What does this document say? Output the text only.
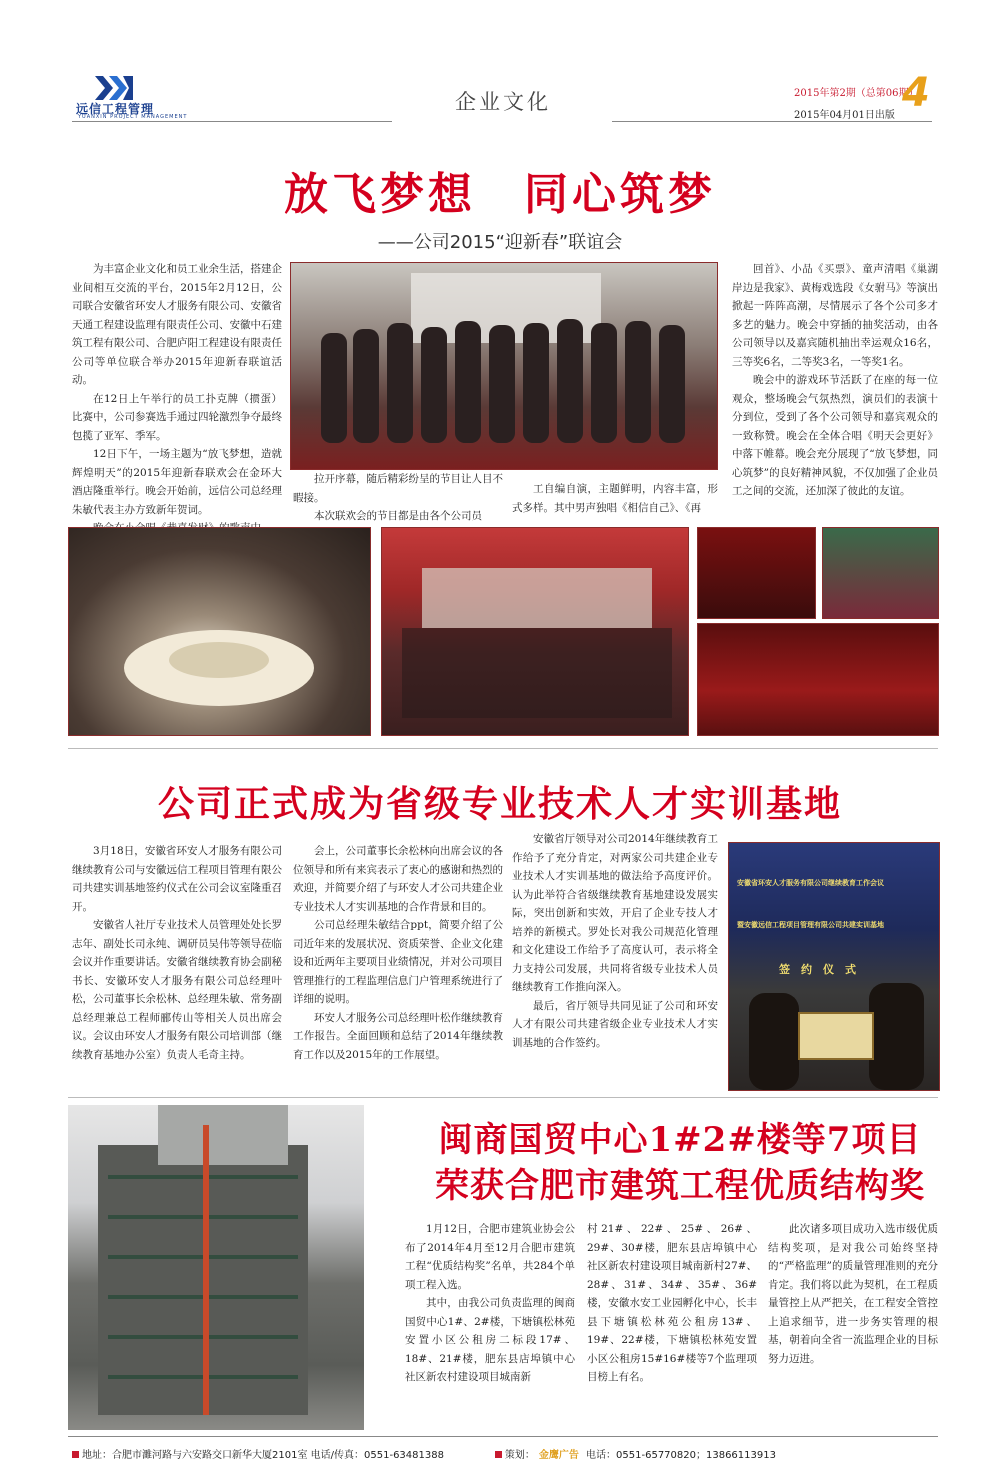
远信工程管理
YUANXIN PROJECT MANAGEMENT
企业文化	2015年第2期（总第06期）
2015年04月01日出版 4
放飞梦想　同心筑梦
——公司2015“迎新春”联谊会

为丰富企业文化和员工业余生活，搭建企业间相互交流的平台，2015年2月12日，公司联合安徽省环安人才服务有限公司、安徽省天通工程建设监理有限责任公司、安徽中石建筑工程有限公司、合肥庐阳工程建设有限责任公司等单位联合举办2015年迎新春联谊活动。

在12日上午举行的员工扑克牌（掼蛋）比赛中，公司参赛选手通过四轮激烈争夺最终包揽了亚军、季军。

12日下午，一场主题为“放飞梦想，造就辉煌明天”的2015年迎新春联欢会在金环大酒店隆重举行。晚会开始前，远信公司总经理朱敏代表主办方致新年贺词。

拉开序幕，随后精彩纷呈的节目让人目不暇接。

本次联欢会的节目都是由各个公司员

工自编自演，主题鲜明，内容丰富，形式多样。其中男声独唱《相信自己》、《再

回首》、小品《买票》、童声清唱《巢湖岸边是我家》、黄梅戏选段《女驸马》等演出掀起一阵阵高潮，尽情展示了各个公司多才多艺的魅力。晚会中穿插的抽奖活动，由各公司领导以及嘉宾随机抽出幸运观众16名，三等奖6名，二等奖3名，一等奖1名。

晚会中的游戏环节活跃了在座的每一位观众，整场晚会气氛热烈，演员们的表演十分到位，受到了各个公司领导和嘉宾观众的一致称赞。晚会在全体合唱《明天会更好》中落下帷幕。晚会充分展现了“放飞梦想，同心筑梦”的良好精神风貌，不仅加强了企业员工之间的交流，还加深了彼此的友谊。

公司正式成为省级专业技术人才实训基地

3月18日，安徽省环安人才服务有限公司继续教育公司与安徽远信工程项目管理有限公司共建实训基地签约仪式在公司会议室隆重召开。

安徽省人社厅专业技术人员管理处处长罗志年、副处长司永纯、调研员吴伟等领导莅临会议并作重要讲话。安徽省继续教育协会副秘书长、安徽环安人才服务有限公司总经理叶松，公司董事长余松林、总经理朱敏、常务副总经理兼总工程师郦传山等相关人员出席会议。会议由环安人才服务有限公司培训部（继续教育基地办公室）负责人毛奇主持。

会上，公司董事长余松林向出席会议的各位领导和所有来宾表示了衷心的感谢和热烈的欢迎，并简要介绍了与环安人才公司共建企业专业技术人才实训基地的合作背景和目的。

公司总经理朱敏结合ppt，简要介绍了公司近年来的发展状况、资质荣誉、企业文化建设和近两年主要项目业绩情况，并对公司项目管理推行的工程监理信息门户管理系统进行了详细的说明。

环安人才服务公司总经理叶松作继续教育工作报告。全面回顾和总结了2014年继续教育工作以及2015年的工作展望。

安徽省厅领导对公司2014年继续教育工作给予了充分肯定，对两家公司共建企业专业技术人才实训基地的做法给予高度评价。认为此举符合省级继续教育基地建设发展实际，突出创新和实效，开启了企业专技人才培养的新模式。罗处长对我公司规范化管理和文化建设工作给予了高度认可，表示将全力支持公司发展，共同将省级专业技术人员继续教育工作推向深入。

最后，省厅领导共同见证了公司和环安人才有限公司共建省级企业专业技术人才实训基地的合作签约。

安徽省环安人才服务有限公司继续教育工作会议
暨安徽远信工程项目管理有限公司共建实训基地
签　约　仪　式
闽商国贸中心1#2#楼等7项目
荣获合肥市建筑工程优质结构奖

1月12日，合肥市建筑业协会公布了2014年4月至12月合肥市建筑工程“优质结构奖”名单，共284个单项工程入选。

其中，由我公司负责监理的闽商国贸中心1#、2#楼，下塘镇松林苑安置小区公租房二标段17#、18#、21#楼，肥东县店埠镇中心社区新农村建设项目城南新

村21#、22#、25#、26#、29#、30#楼，肥东县店埠镇中心社区新农村建设项目城南新村27#、28#、31#、34#、35#、36#楼，安徽水安工业园孵化中心，长丰县下塘镇松林苑公租房13#、19#、22#楼，下塘镇松林苑安置小区公租房15#16#楼等7个监理项目榜上有名。

此次诸多项目成功入选市级优质结构奖项，是对我公司始终坚持的“严格监理”的质量管理准则的充分肯定。我们将以此为契机，在工程质量管控上从严把关，在工程安全管控上追求细节，进一步务实管理的根基，朝着向全省一流监理企业的目标努力迈进。

地址：合肥市濉河路与六安路交口新华大厦2101室 电话/传真：0551-63481388	策划： 金鹰广告 电话：0551-65770820；13866113913
